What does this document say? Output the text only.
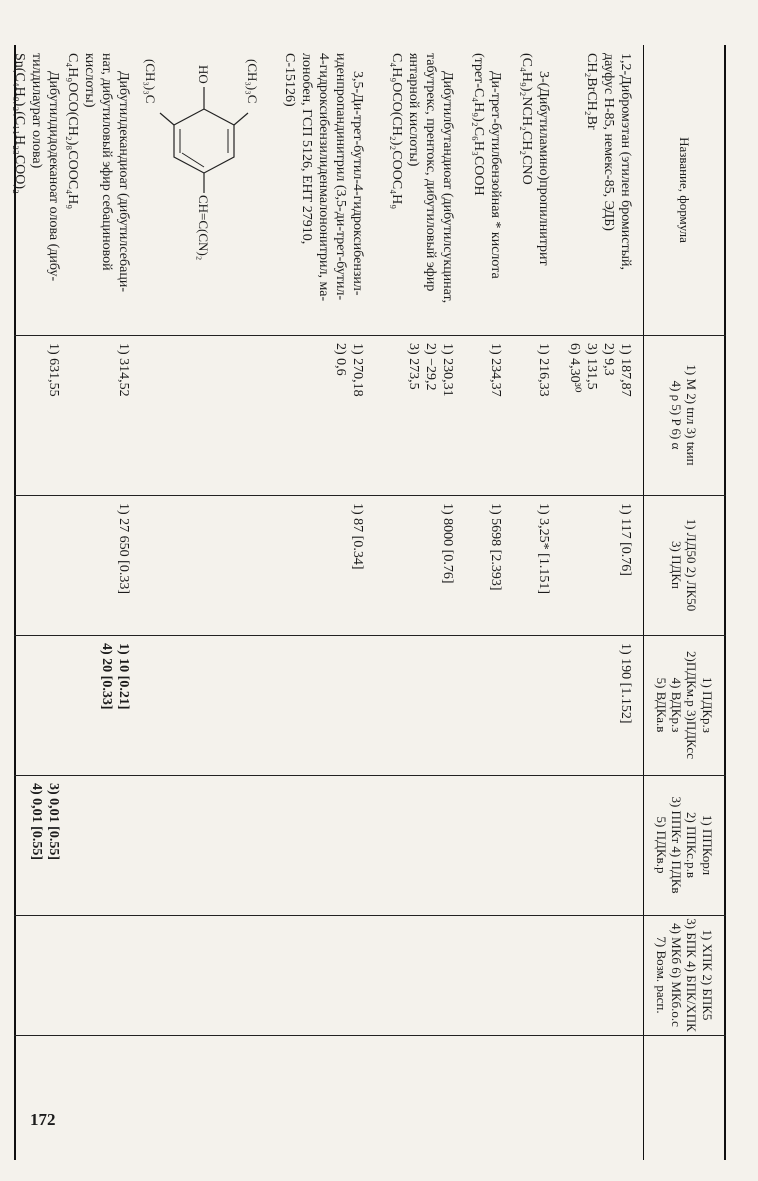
172
Название, формула
1) M 2) tпл 3) tкип
4) ρ 5) P 6) α
1) ЛД50 2) ЛК50
3) ПДКп
1) ПДКр.з
2)ПДКм.р 3)ПДКсс
4) ВДКр.з
5) ВДКа.в
1) ППКорл
2) ППКс.р.в
3) ППКт 4) ПДКв
5) ПДКв.р
1) ХПК 2) БПК5
3) БПК 4) БПК/ХПК
4) МКб 6) МКб.о.с
7) Возм. расп.
1,2-Дибромэтан (этилен бромистый,
дауфус Н-85, немекс-85, ЭДБ)
CH₂BrCH₂Br
1) 187,87
2) 9,3
3) 131,5
6) 4,30³⁰
1) 117 [0.76]
1) 190 [1.152]
3-(Дибутиламино)пропилнитрит
(C₄H₉)₂NCH₂CH₂CNO
1) 216,33
1) 3,25* [1.151]
Ди-трет-бутилбензойная * кислота
(трет-C₄H₉)₂C₆H₃COOH
1) 234,37
1) 5698 [2.393]
Дибутилбутандиоат (дибутилсукцинат,
табутрекс, прентокс, дибутиловый эфир
янтарной кислоты)
C₄H₉OCO(CH₂)₂COOC₄H₉
1) 230,31
2) −29,2
3) 273,5
1) 8000 [0.76]
3,5-Ди-трет-бутил-4-гидроксибензил-
иденпропандинитрил (3,5-ди-трет-бутил-
4-гидроксибензилиденмалононитрил, ма-
лонобен, ГСП 5126, ЕНТ 27910,
C-15126)
(CH₃)₃C
HO
CH=C(CN)₂
(CH₃)₃C
1) 270,18
2) 0,6
1) 87 [0.34]
Дибутилдекандиоат (дибутилсебаци-
нат, дибутиловый эфир себациновой
кислоты)
C₄H₉OCO(CH₂)₈COOC₄H₉
1) 314,52
1) 27 650 [0.33]
1) 10 [0.21]
4) 20 [0.33]
Дибутилдидодеканоат олова (дибу-
тилдилаурат олова)
Sn(C₄H₉)₂(C₁₁H₂₃COO)₂
1) 631,55
3) 0,01 [0.55]
4) 0,01 [0.55]
